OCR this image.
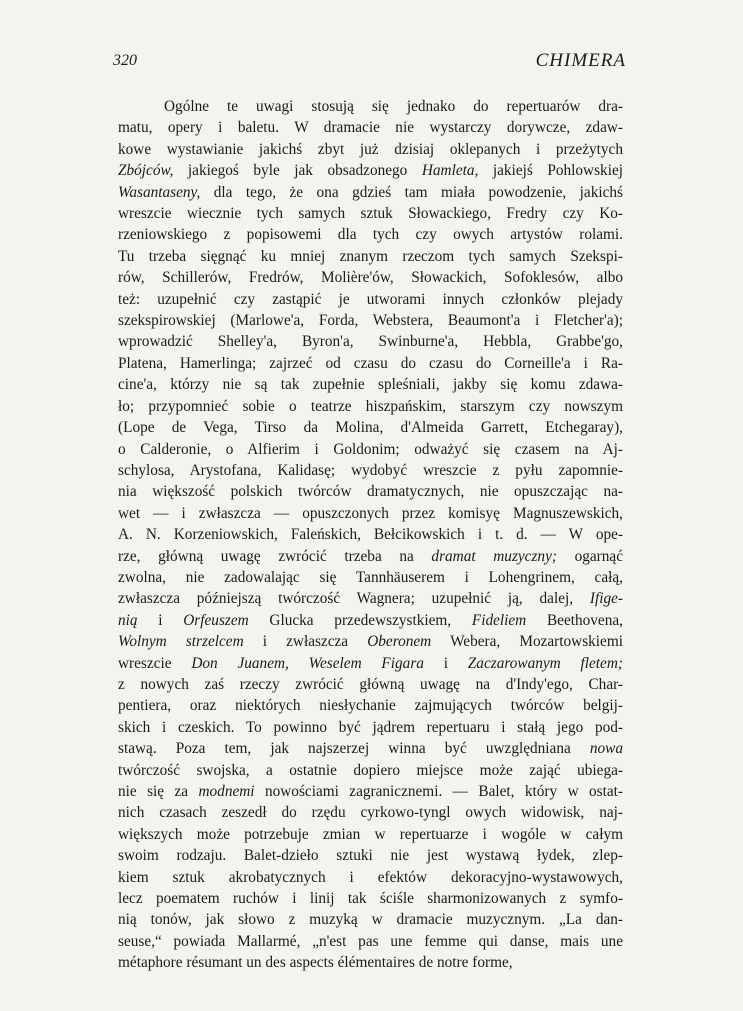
320	CHIMERA
Ogólne te uwagi stosują się jednako do repertuarów dra-
matu, opery i baletu. W dramacie nie wystarczy dorywcze, zdaw-
kowe wystawianie jakichś zbyt już dzisiaj oklepanych i przeżytych
Zbójców, jakiegoś byle jak obsadzonego Hamleta, jakiejś Pohlowskiej
Wasantaseny, dla tego, że ona gdzieś tam miała powodzenie, jakichś
wreszcie wiecznie tych samych sztuk Słowackiego, Fredry czy Ko-
rzeniowskiego z popisowemi dla tych czy owych artystów rolami.
Tu trzeba sięgnąć ku mniej znanym rzeczom tych samych Szekspi-
rów, Schillerów, Fredrów, Molière'ów, Słowackich, Sofoklesów, albo
też: uzupełnić czy zastąpić je utworami innych członków plejady
szekspirowskiej (Marlowe'a, Forda, Webstera, Beaumont'a i Fletcher'a);
wprowadzić Shelley'a, Byron'a, Swinburne'a, Hebbla, Grabbe'go,
Platena, Hamerlinga; zajrzeć od czasu do czasu do Corneille'a i Ra-
cine'a, którzy nie są tak zupełnie spleśniali, jakby się komu zdawa-
ło; przypomnieć sobie o teatrze hiszpańskim, starszym czy nowszym
(Lope de Vega, Tirso da Molina, d'Almeida Garrett, Etchegaray),
o Calderonie, o Alfierim i Goldonim; odważyć się czasem na Aj-
schylosa, Arystofana, Kalidasę; wydobyć wreszcie z pyłu zapomnie-
nia większość polskich twórców dramatycznych, nie opuszczając na-
wet — i zwłaszcza — opuszczonych przez komisyę Magnuszewskich,
A. N. Korzeniowskich, Faleńskich, Bełcikowskich i t. d. — W ope-
rze, główną uwagę zwrócić trzeba na dramat muzyczny; ogarnąć
zwolna, nie zadowalając się Tannhäuserem i Lohengrinem, całą,
zwłaszcza późniejszą twórczość Wagnera; uzupełnić ją, dalej, Ifige-
nią i Orfeuszem Glucka przedewszystkiem, Fideliem Beethovena,
Wolnym strzelcem i zwłaszcza Oberonem Webera, Mozartowskiemi
wreszcie Don Juanem, Weselem Figara i Zaczarowanym fletem;
z nowych zaś rzeczy zwrócić główną uwagę na d'Indy'ego, Char-
pentiera, oraz niektórych niesłychanie zajmujących twórców belgij-
skich i czeskich. To powinno być jądrem repertuaru i stałą jego pod-
stawą. Poza tem, jak najszerzej winna być uwzględniana nowa
twórczość swojska, a ostatnie dopiero miejsce może zająć ubiega-
nie się za modnemi nowościami zagranicznemi. — Balet, który w ostat-
nich czasach zeszedł do rzędu cyrkowo-tyngl owych widowisk, naj-
większych może potrzebuje zmian w repertuarze i wogóle w całym
swoim rodzaju. Balet-dzieło sztuki nie jest wystawą łydek, zlep-
kiem sztuk akrobatycznych i efektów dekoracyjno-wystawowych,
lecz poematem ruchów i linij tak ściśle sharmonizowanych z symfo-
nią tonów, jak słowo z muzyką w dramacie muzycznym. „La dan-
seuse,“ powiada Mallarmé, „n'est pas une femme qui danse, mais une
métaphore résumant un des aspects élémentaires de notre forme,
